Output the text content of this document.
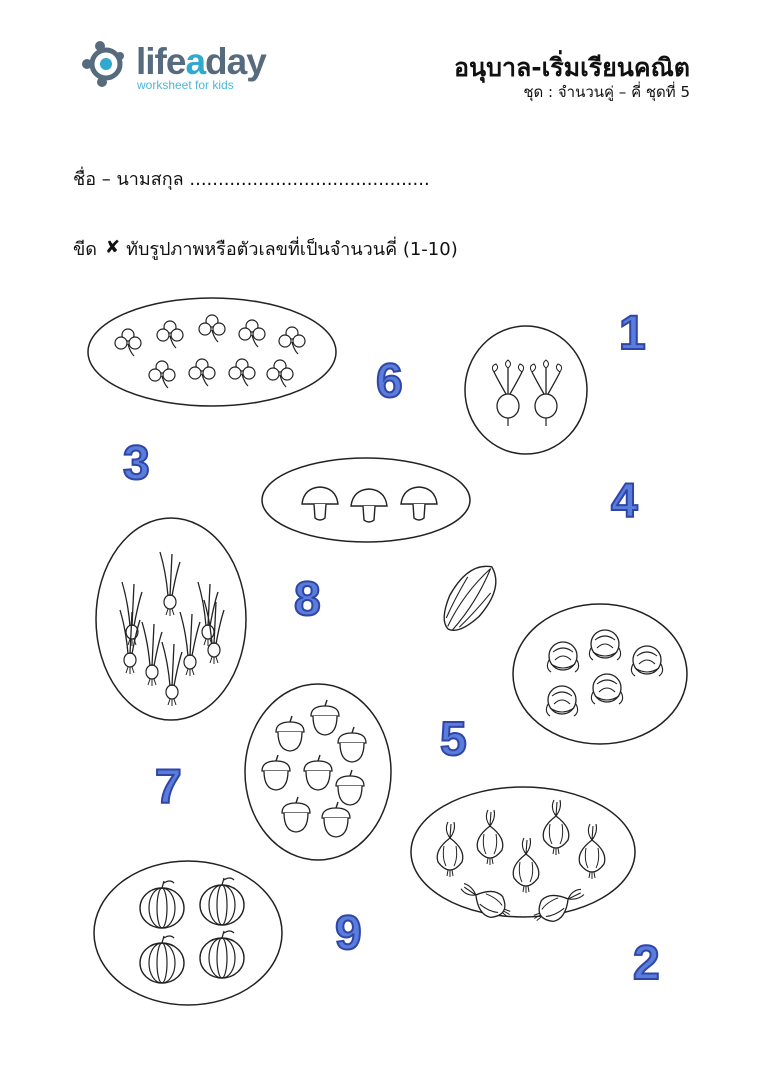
lifeaday
worksheet for kids
อนุบาล-เริ่มเรียนคณิต
ชุด : จำนวนคู่ – คี่ ชุดที่ 5
ชื่อ – นามสกุล ..........................................
ขีด ✘ ทับรูปภาพหรือตัวเลขที่เป็นจำนวนคี่ (1-10)
1
6
3
4
8
5
7
9
2
